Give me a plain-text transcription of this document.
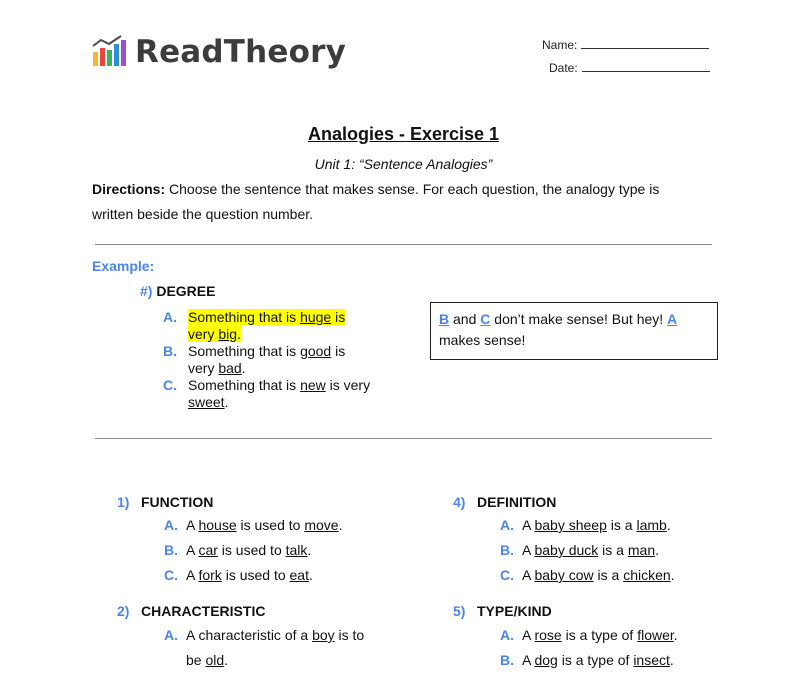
ReadTheory	Name:
Date:
Analogies - Exercise 1
Unit 1: “Sentence Analogies”
Directions: Choose the sentence that makes sense. For each question, the analogy type is
written beside the question number.
Example:
#) DEGREE
A. Something that is huge is
very big.
B. Something that is good is
very bad.
C. Something that is new is very
sweet.
B and C don’t make sense! But hey! A
makes sense!
1) FUNCTION
A. A house is used to move.
B. A car is used to talk.
C. A fork is used to eat.
2) CHARACTERISTIC
A. A characteristic of a boy is to
be old.
4) DEFINITION
A. A baby sheep is a lamb.
B. A baby duck is a man.
C. A baby cow is a chicken.
5) TYPE/KIND
A. A rose is a type of flower.
B. A dog is a type of insect.
